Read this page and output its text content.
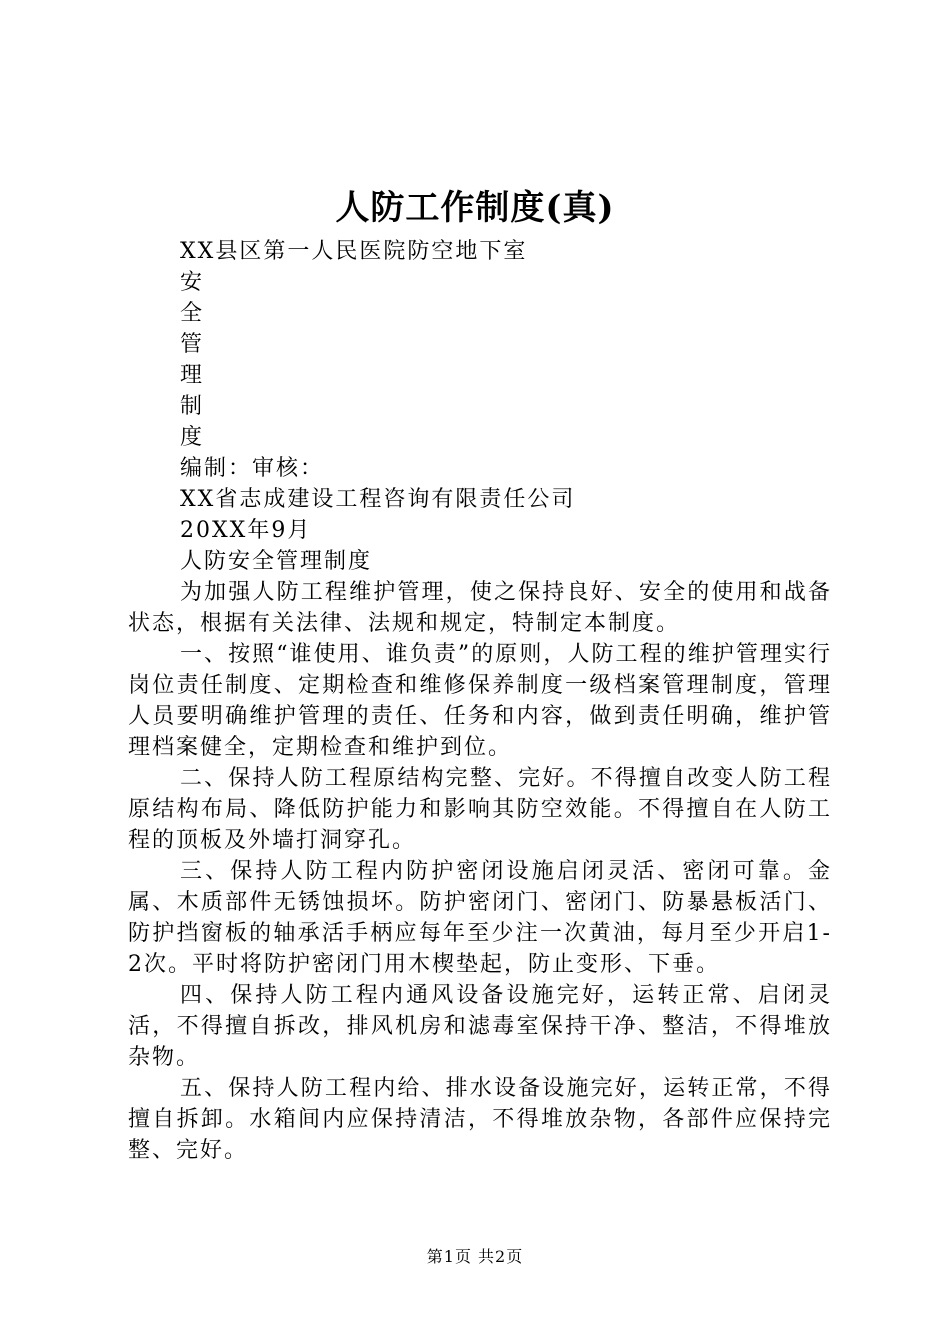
人防工作制度(真)
XX县区第一人民医院防空地下室
安
全
管
理
制
度
编制：审核：
XX省志成建设工程咨询有限责任公司
20XX年9月
人防安全管理制度

为加强人防工程维护管理，使之保持良好、安全的使用和战备状态，根据有关法律、法规和规定，特制定本制度。

一、按照“谁使用、谁负责”的原则，人防工程的维护管理实行岗位责任制度、定期检查和维修保养制度一级档案管理制度，管理人员要明确维护管理的责任、任务和内容，做到责任明确，维护管理档案健全，定期检查和维护到位。

二、保持人防工程原结构完整、完好。不得擅自改变人防工程原结构布局、降低防护能力和影响其防空效能。不得擅自在人防工程的顶板及外墙打洞穿孔。

三、保持人防工程内防护密闭设施启闭灵活、密闭可靠。金属、木质部件无锈蚀损坏。防护密闭门、密闭门、防暴悬板活门、防护挡窗板的轴承活手柄应每年至少注一次黄油，每月至少开启1-2次。平时将防护密闭门用木楔垫起，防止变形、下垂。

四、保持人防工程内通风设备设施完好，运转正常、启闭灵活，不得擅自拆改，排风机房和滤毒室保持干净、整洁，不得堆放杂物。

五、保持人防工程内给、排水设备设施完好，运转正常，不得擅自拆卸。水箱间内应保持清洁，不得堆放杂物，各部件应保持完整、完好。

第1页 共2页
